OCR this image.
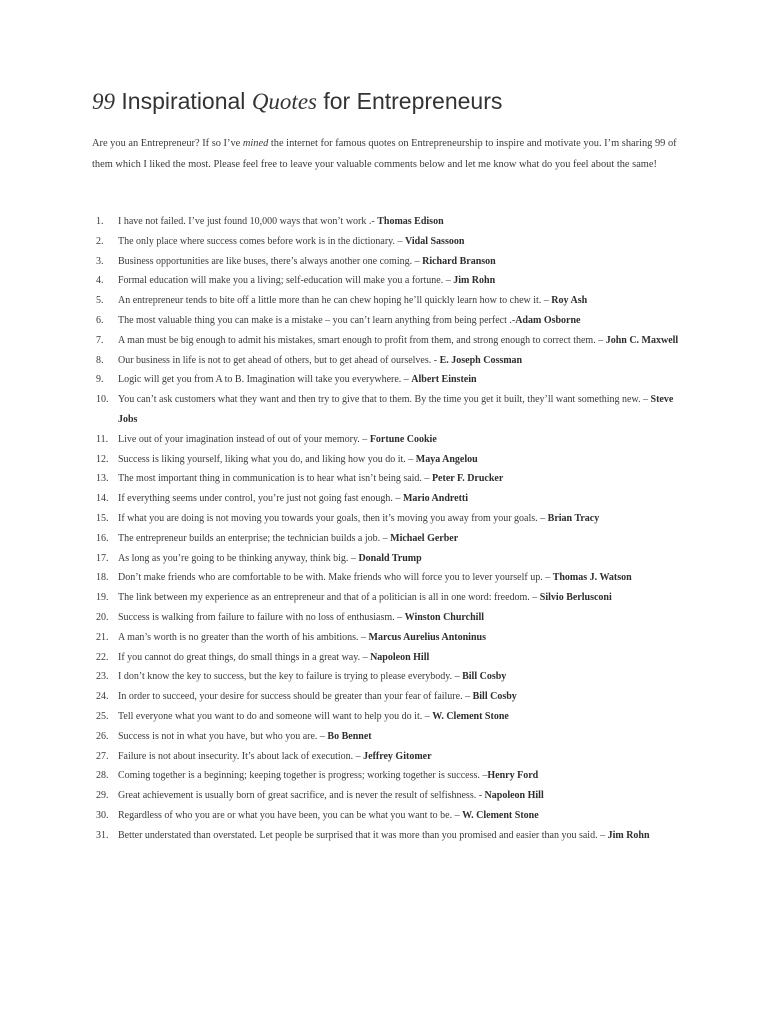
99 Inspirational Quotes for Entrepreneurs

Are you an Entrepreneur? If so I’ve mined the internet for famous quotes on Entrepreneurship to inspire and motivate you. I’m sharing 99 of them which I liked the most. Please feel free to leave your valuable comments below and let me know what do you feel about the same!

1. I have not failed. I’ve just found 10,000 ways that won’t work .- Thomas Edison
2. The only place where success comes before work is in the dictionary. – Vidal Sassoon
3. Business opportunities are like buses, there’s always another one coming. – Richard Branson
4. Formal education will make you a living; self-education will make you a fortune. – Jim Rohn
5. An entrepreneur tends to bite off a little more than he can chew hoping he’ll quickly learn how to chew it. – Roy Ash
6. The most valuable thing you can make is a mistake – you can’t learn anything from being perfect .-Adam Osborne
7. A man must be big enough to admit his mistakes, smart enough to profit from them, and strong enough to correct them. – John C. Maxwell
8. Our business in life is not to get ahead of others, but to get ahead of ourselves. - E. Joseph Cossman
9. Logic will get you from A to B. Imagination will take you everywhere. – Albert Einstein
10. You can’t ask customers what they want and then try to give that to them. By the time you get it built, they’ll want something new. – Steve Jobs
11. Live out of your imagination instead of out of your memory. – Fortune Cookie
12. Success is liking yourself, liking what you do, and liking how you do it. – Maya Angelou
13. The most important thing in communication is to hear what isn’t being said. – Peter F. Drucker
14. If everything seems under control, you’re just not going fast enough. – Mario Andretti
15. If what you are doing is not moving you towards your goals, then it’s moving you away from your goals. – Brian Tracy
16. The entrepreneur builds an enterprise; the technician builds a job. – Michael Gerber
17. As long as you’re going to be thinking anyway, think big. – Donald Trump
18. Don’t make friends who are comfortable to be with. Make friends who will force you to lever yourself up. – Thomas J. Watson
19. The link between my experience as an entrepreneur and that of a politician is all in one word: freedom. – Silvio Berlusconi
20. Success is walking from failure to failure with no loss of enthusiasm. – Winston Churchill
21. A man’s worth is no greater than the worth of his ambitions. – Marcus Aurelius Antoninus
22. If you cannot do great things, do small things in a great way. – Napoleon Hill
23. I don’t know the key to success, but the key to failure is trying to please everybody. – Bill Cosby
24. In order to succeed, your desire for success should be greater than your fear of failure. – Bill Cosby
25. Tell everyone what you want to do and someone will want to help you do it. – W. Clement Stone
26. Success is not in what you have, but who you are. – Bo Bennet
27. Failure is not about insecurity. It’s about lack of execution. – Jeffrey Gitomer
28. Coming together is a beginning; keeping together is progress; working together is success. –Henry Ford
29. Great achievement is usually born of great sacrifice, and is never the result of selfishness. - Napoleon Hill
30. Regardless of who you are or what you have been, you can be what you want to be. – W. Clement Stone
31. Better understated than overstated. Let people be surprised that it was more than you promised and easier than you said. – Jim Rohn
